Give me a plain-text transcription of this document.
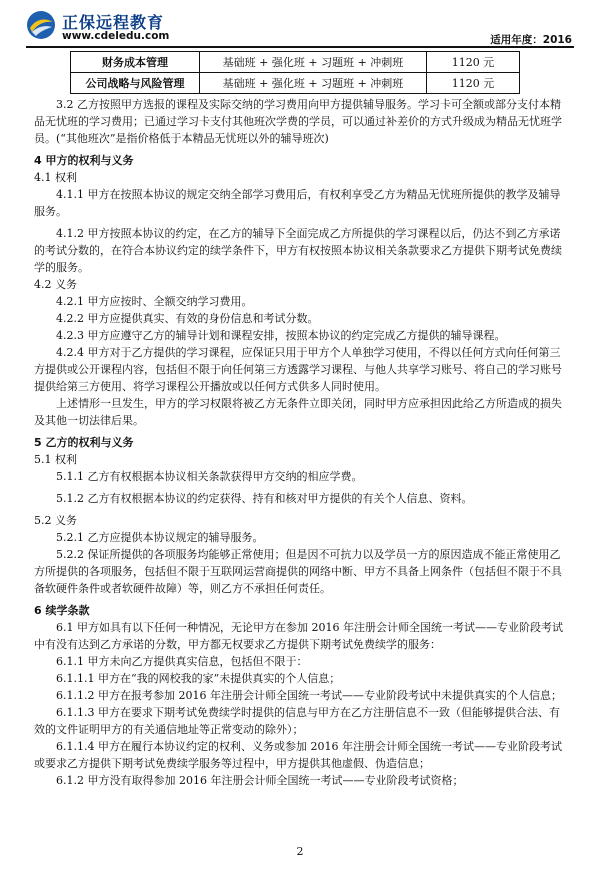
正保远程教育
www.cdeledu.com	适用年度：2016
财务成本管理	基础班 + 强化班 + 习题班 + 冲刺班	1120 元
公司战略与风险管理	基础班 + 强化班 + 习题班 + 冲刺班	1120 元

3.2 乙方按照甲方选报的课程及实际交纳的学习费用向甲方提供辅导服务。学习卡可全额或部分支付本精品无忧班的学习费用；已通过学习卡支付其他班次学费的学员，可以通过补差价的方式升级成为精品无忧班学员。(“其他班次”是指价格低于本精品无忧班以外的辅导班次)

4 甲方的权利与义务

4.1 权利

4.1.1 甲方在按照本协议的规定交纳全部学习费用后，有权利享受乙方为精品无忧班所提供的教学及辅导服务。

4.1.2 甲方按照本协议的约定，在乙方的辅导下全面完成乙方所提供的学习课程以后，仍达不到乙方承诺的考试分数的，在符合本协议约定的续学条件下，甲方有权按照本协议相关条款要求乙方提供下期考试免费续学的服务。

4.2 义务

4.2.1 甲方应按时、全额交纳学习费用。

4.2.2 甲方应提供真实、有效的身份信息和考试分数。

4.2.3 甲方应遵守乙方的辅导计划和课程安排，按照本协议的约定完成乙方提供的辅导课程。

4.2.4 甲方对于乙方提供的学习课程，应保证只用于甲方个人单独学习使用，不得以任何方式向任何第三方提供或公开课程内容，包括但不限于向任何第三方透露学习课程、与他人共享学习账号、将自己的学习账号提供给第三方使用、将学习课程公开播放或以任何方式供多人同时使用。

上述情形一旦发生，甲方的学习权限将被乙方无条件立即关闭，同时甲方应承担因此给乙方所造成的损失及其他一切法律后果。

5 乙方的权利与义务

5.1 权利

5.1.1 乙方有权根据本协议相关条款获得甲方交纳的相应学费。

5.1.2 乙方有权根据本协议的约定获得、持有和核对甲方提供的有关个人信息、资料。

5.2 义务

5.2.1 乙方应提供本协议规定的辅导服务。

5.2.2 保证所提供的各项服务均能够正常使用；但是因不可抗力以及学员一方的原因造成不能正常使用乙方所提供的各项服务，包括但不限于互联网运营商提供的网络中断、甲方不具备上网条件（包括但不限于不具备软硬件条件或者软硬件故障）等，则乙方不承担任何责任。

6 续学条款

6.1 甲方如具有以下任何一种情况，无论甲方在参加 2016 年注册会计师全国统一考试——专业阶段考试中有没有达到乙方承诺的分数，甲方都无权要求乙方提供下期考试免费续学的服务：

6.1.1 甲方未向乙方提供真实信息，包括但不限于：

6.1.1.1 甲方在“我的网校我的家”未提供真实的个人信息；

6.1.1.2 甲方在报考参加 2016 年注册会计师全国统一考试——专业阶段考试中未提供真实的个人信息；

6.1.1.3 甲方在要求下期考试免费续学时提供的信息与甲方在乙方注册信息不一致（但能够提供合法、有效的文件证明甲方的有关通信地址等正常变动的除外）；

6.1.1.4 甲方在履行本协议约定的权利、义务或参加 2016 年注册会计师全国统一考试——专业阶段考试或要求乙方提供下期考试免费续学服务等过程中，甲方提供其他虚假、伪造信息；

6.1.2 甲方没有取得参加 2016 年注册会计师全国统一考试——专业阶段考试资格；

2
